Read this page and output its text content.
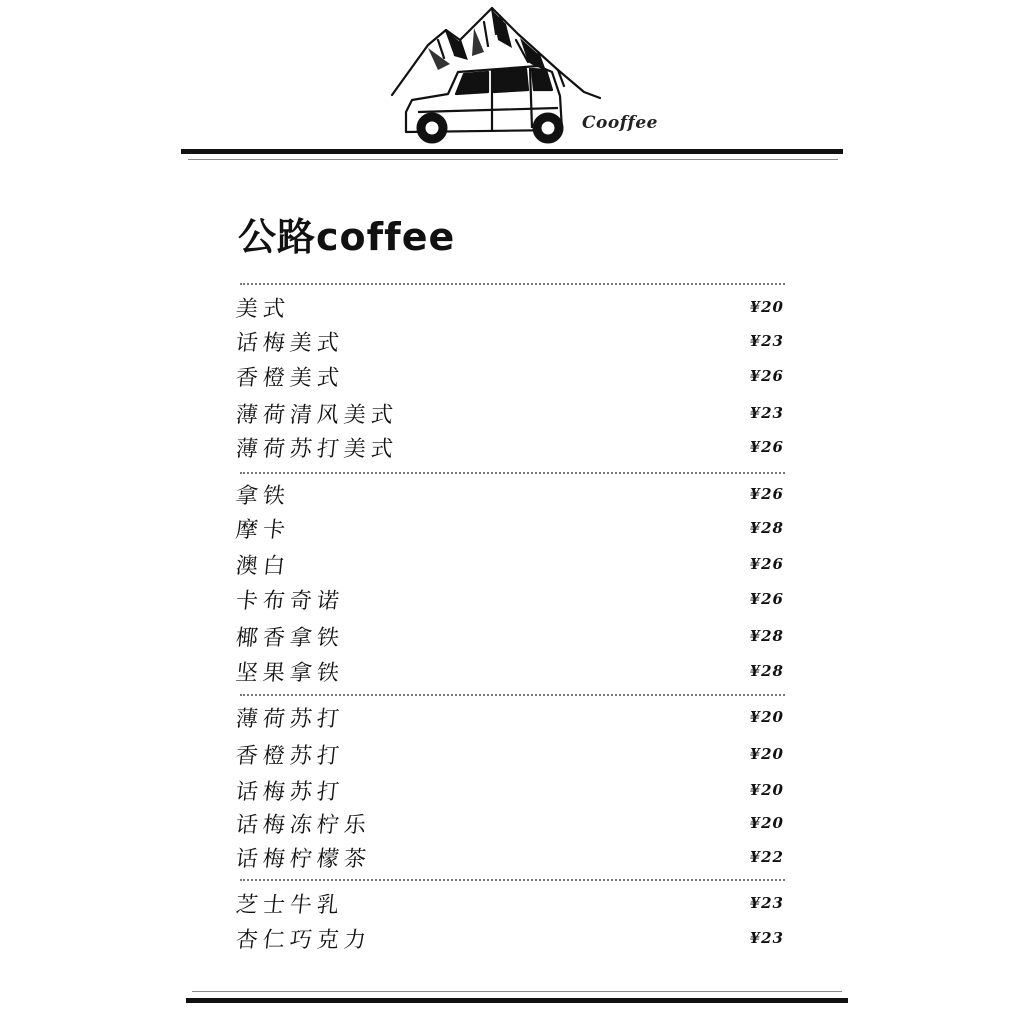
Cooffee
公路coffee
美式	¥20
话梅美式	¥23
香橙美式	¥26
薄荷清风美式	¥23
薄荷苏打美式	¥26
拿铁	¥26
摩卡	¥28
澳白	¥26
卡布奇诺	¥26
椰香拿铁	¥28
坚果拿铁	¥28
薄荷苏打	¥20
香橙苏打	¥20
话梅苏打	¥20
话梅冻柠乐	¥20
话梅柠檬茶	¥22
芝士牛乳	¥23
杏仁巧克力	¥23
